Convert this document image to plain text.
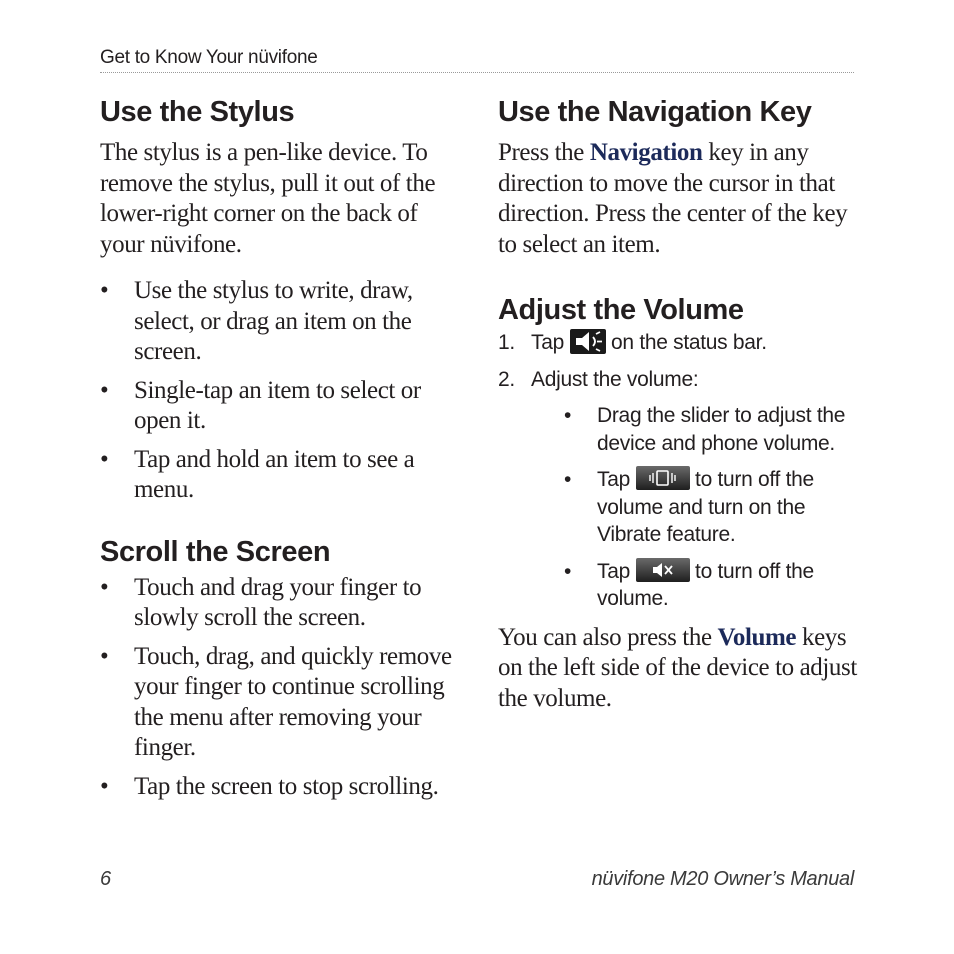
Get to Know Your nüvifone
Use the Stylus

The stylus is a pen-like device. To remove the stylus, pull it out of the lower-right corner on the back of your nüvifone.

• Use the stylus to write, draw, select, or drag an item on the screen.
• Single-tap an item to select or open it.
• Tap and hold an item to see a menu.
Scroll the Screen
• Touch and drag your finger to slowly scroll the screen.
• Touch, drag, and quickly remove your finger to continue scrolling the menu after removing your finger.
• Tap the screen to stop scrolling.
Use the Navigation Key

Press the Navigation key in any direction to move the cursor in that direction. Press the center of the key to select an item.

Adjust the Volume
1. Tap
on the status bar.
2. Adjust the volume:
• Drag the slider to adjust the device and phone volume.
• Tap	to turn off the volume and turn on the Vibrate feature.
• Tap	to turn off the volume.

You can also press the Volume keys on the left side of the device to adjust the volume.

6	nüvifone M20 Owner’s Manual
